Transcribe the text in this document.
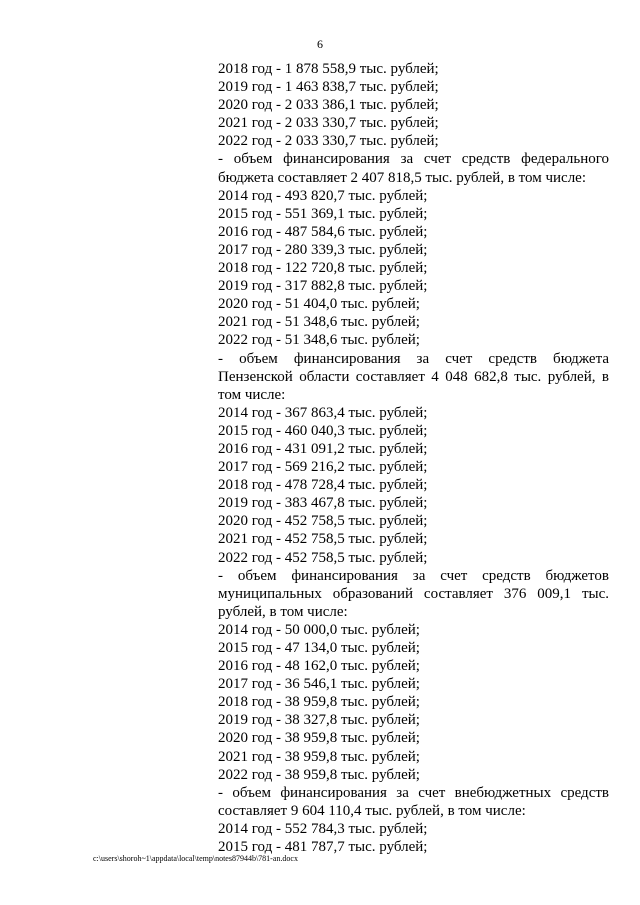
6
2018 год - 1 878 558,9 тыс. рублей;
2019 год - 1 463 838,7 тыс. рублей;
2020 год - 2 033 386,1 тыс. рублей;
2021 год - 2 033 330,7 тыс. рублей;
2022 год - 2 033 330,7 тыс. рублей;
- объем финансирования за счет средств федерального бюджета составляет 2 407 818,5 тыс. рублей, в том числе:
2014 год - 493 820,7 тыс. рублей;
2015 год - 551 369,1 тыс. рублей;
2016 год - 487 584,6 тыс. рублей;
2017 год - 280 339,3 тыс. рублей;
2018 год - 122 720,8 тыс. рублей;
2019 год - 317 882,8 тыс. рублей;
2020 год - 51 404,0 тыс. рублей;
2021 год - 51 348,6 тыс. рублей;
2022 год - 51 348,6 тыс. рублей;
- объем финансирования за счет средств бюджета Пензенской области составляет 4 048 682,8 тыс. рублей, в том числе:
2014 год - 367 863,4 тыс. рублей;
2015 год - 460 040,3 тыс. рублей;
2016 год - 431 091,2 тыс. рублей;
2017 год - 569 216,2 тыс. рублей;
2018 год - 478 728,4 тыс. рублей;
2019 год - 383 467,8 тыс. рублей;
2020 год - 452 758,5 тыс. рублей;
2021 год - 452 758,5 тыс. рублей;
2022 год - 452 758,5 тыс. рублей;
- объем финансирования за счет средств бюджетов муниципальных образований составляет 376 009,1 тыс. рублей, в том числе:
2014 год - 50 000,0 тыс. рублей;
2015 год - 47 134,0 тыс. рублей;
2016 год - 48 162,0 тыс. рублей;
2017 год - 36 546,1 тыс. рублей;
2018 год - 38 959,8 тыс. рублей;
2019 год - 38 327,8 тыс. рублей;
2020 год - 38 959,8 тыс. рублей;
2021 год - 38 959,8 тыс. рублей;
2022 год - 38 959,8 тыс. рублей;
- объем финансирования за счет внебюджетных средств составляет 9 604 110,4 тыс. рублей, в том числе:
2014 год - 552 784,3 тыс. рублей;
2015 год - 481 787,7 тыс. рублей;
c:\users\shoroh~1\appdata\local\temp\notes87944b\781-an.docx
